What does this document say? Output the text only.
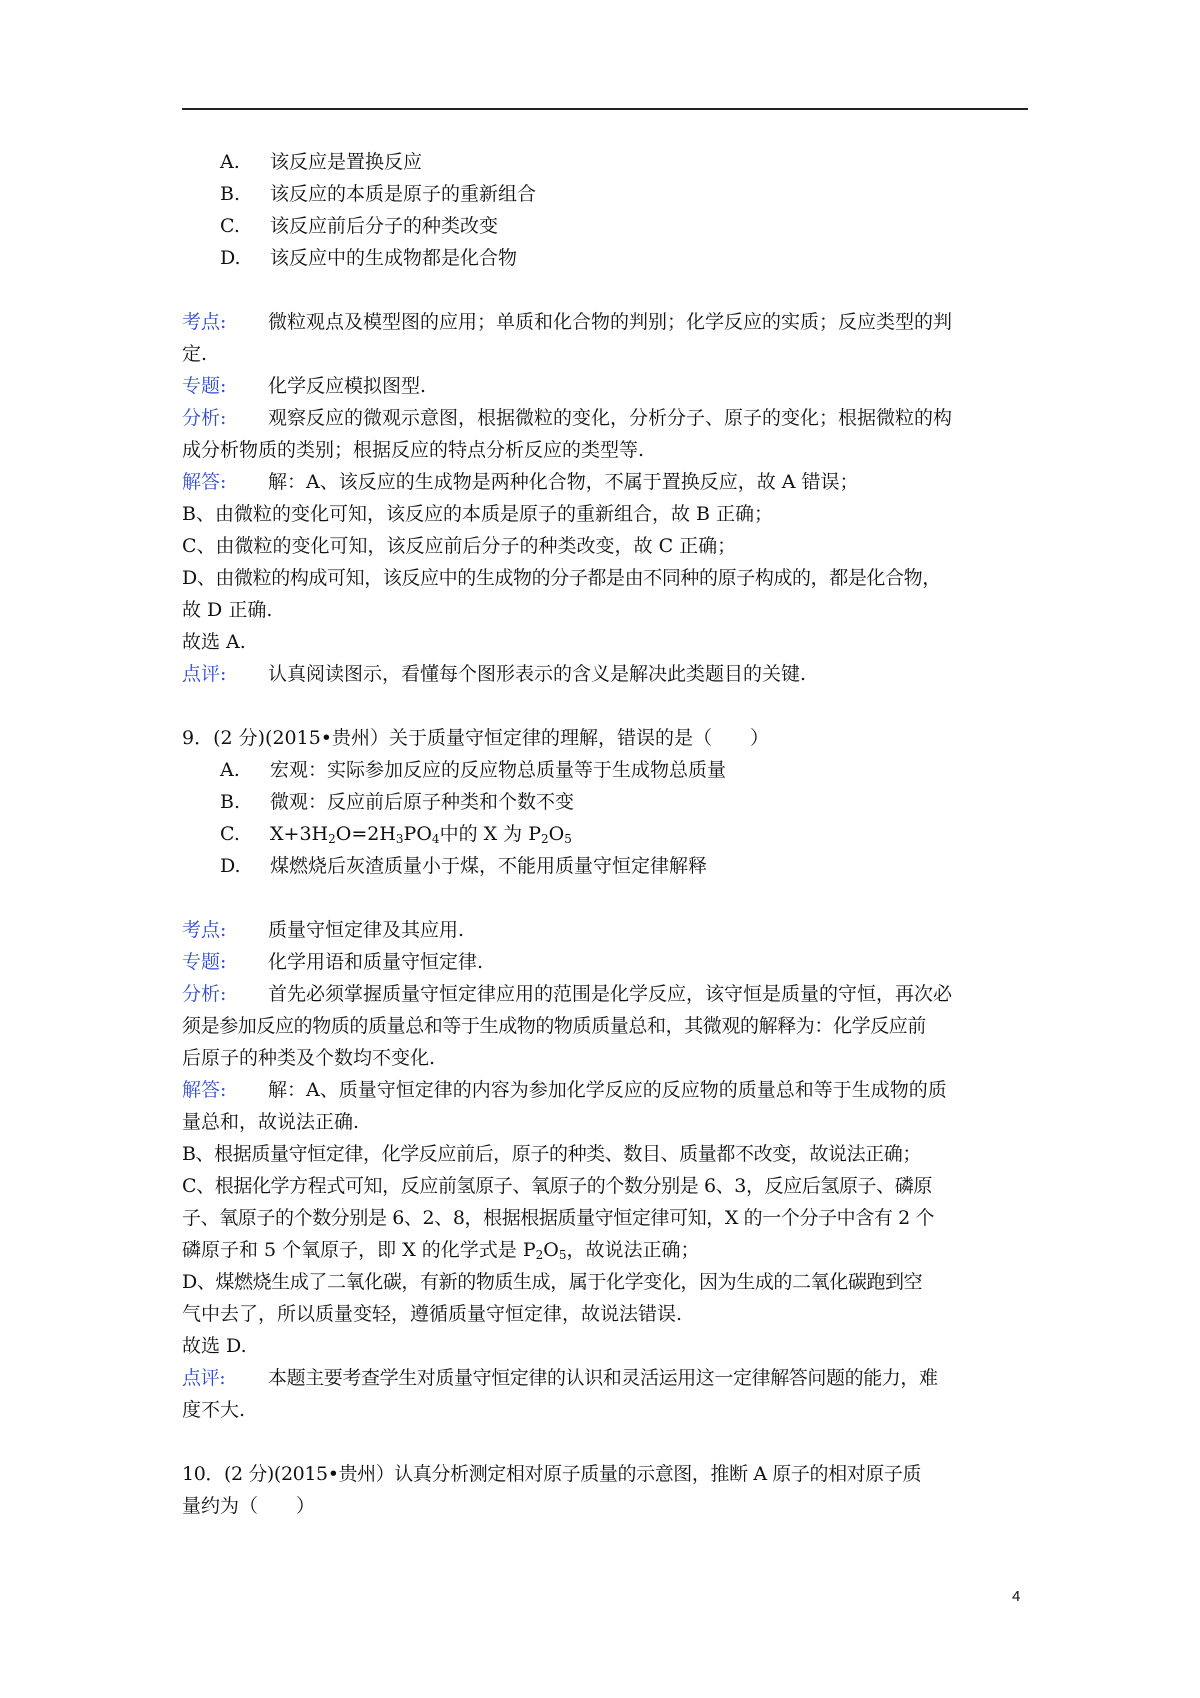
A. 该反应是置换反应
B. 该反应的本质是原子的重新组合
C. 该反应前后分子的种类改变
D. 该反应中的生成物都是化合物
考点: 微粒观点及模型图的应用；单质和化合物的判别；化学反应的实质；反应类型的判
定.
专题: 化学反应模拟图型.
分析: 观察反应的微观示意图，根据微粒的变化，分析分子、原子的变化；根据微粒的构
成分析物质的类别；根据反应的特点分析反应的类型等.
解答: 解：A、该反应的生成物是两种化合物，不属于置换反应，故 A 错误；
B、由微粒的变化可知，该反应的本质是原子的重新组合，故 B 正确；
C、由微粒的变化可知，该反应前后分子的种类改变，故 C 正确；
D、由微粒的构成可知，该反应中的生成物的分子都是由不同种的原子构成的，都是化合物，
故 D 正确.
故选 A.
点评: 认真阅读图示，看懂每个图形表示的含义是解决此类题目的关键.
9．(2 分)(2015•贵州）关于质量守恒定律的理解，错误的是（　　）
A. 宏观：实际参加反应的反应物总质量等于生成物总质量
B. 微观：反应前后原子种类和个数不变
C. $X+3H_2O=2H_3PO_4$中的 X 为 $P_2O_5$
D. 煤燃烧后灰渣质量小于煤，不能用质量守恒定律解释
考点: 质量守恒定律及其应用.
专题: 化学用语和质量守恒定律.
分析: 首先必须掌握质量守恒定律应用的范围是化学反应，该守恒是质量的守恒，再次必
须是参加反应的物质的质量总和等于生成物的物质质量总和，其微观的解释为：化学反应前
后原子的种类及个数均不变化.
解答: 解：A、质量守恒定律的内容为参加化学反应的反应物的质量总和等于生成物的质
量总和，故说法正确.
B、根据质量守恒定律，化学反应前后，原子的种类、数目、质量都不改变，故说法正确；
C、根据化学方程式可知，反应前氢原子、氧原子的个数分别是 6、3，反应后氢原子、磷原
子、氧原子的个数分别是 6、2、8，根据根据质量守恒定律可知，X 的一个分子中含有 2 个
磷原子和 5 个氧原子，即 X 的化学式是 $P_2O_5$，故说法正确；
D、煤燃烧生成了二氧化碳，有新的物质生成，属于化学变化，因为生成的二氧化碳跑到空
气中去了，所以质量变轻，遵循质量守恒定律，故说法错误.
故选 D.
点评: 本题主要考查学生对质量守恒定律的认识和灵活运用这一定律解答问题的能力，难
度不大.
10．(2 分)(2015•贵州）认真分析测定相对原子质量的示意图，推断 A 原子的相对原子质
量约为（　　）
4
